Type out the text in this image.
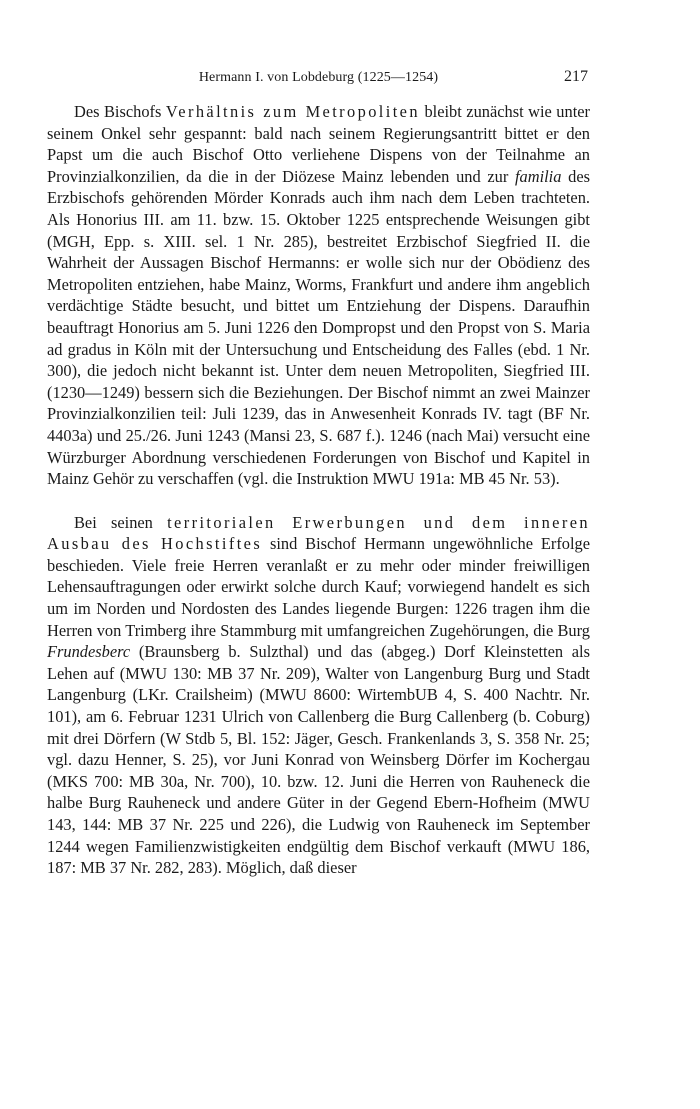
Hermann I. von Lobdeburg (1225—1254)	217

Des Bischofs Verhältnis zum Metropoliten bleibt zunächst wie unter seinem Onkel sehr gespannt: bald nach seinem Regierungsantritt bittet er den Papst um die auch Bischof Otto verliehene Dispens von der Teilnahme an Provinzialkonzilien, da die in der Diözese Mainz lebenden und zur familia des Erzbischofs gehörenden Mörder Konrads auch ihm nach dem Leben trachteten. Als Honorius III. am 11. bzw. 15. Oktober 1225 entsprechende Weisungen gibt (MGH, Epp. s. XIII. sel. 1 Nr. 285), bestreitet Erzbischof Siegfried II. die Wahrheit der Aussagen Bischof Hermanns: er wolle sich nur der Obödienz des Metropoliten entziehen, habe Mainz, Worms, Frankfurt und andere ihm angeblich verdächtige Städte besucht, und bittet um Entziehung der Dispens. Daraufhin beauftragt Honorius am 5. Juni 1226 den Dompropst und den Propst von S. Maria ad gradus in Köln mit der Untersuchung und Entscheidung des Falles (ebd. 1 Nr. 300), die jedoch nicht bekannt ist. Unter dem neuen Metropoliten, Siegfried III. (1230—1249) bessern sich die Beziehungen. Der Bischof nimmt an zwei Mainzer Provinzialkonzilien teil: Juli 1239, das in Anwesenheit Konrads IV. tagt (BF Nr. 4403a) und 25./26. Juni 1243 (Mansi 23, S. 687 f.). 1246 (nach Mai) versucht eine Würzburger Abordnung verschiedenen Forderungen von Bischof und Kapitel in Mainz Gehör zu verschaffen (vgl. die Instruktion MWU 191a: MB 45 Nr. 53).

Bei seinen territorialen Erwerbungen und dem inneren Ausbau des Hochstiftes sind Bischof Hermann ungewöhnliche Erfolge beschieden. Viele freie Herren veranlaßt er zu mehr oder minder freiwilligen Lehensauftragungen oder erwirkt solche durch Kauf; vorwiegend handelt es sich um im Norden und Nordosten des Landes liegende Burgen: 1226 tragen ihm die Herren von Trimberg ihre Stammburg mit umfangreichen Zugehörungen, die Burg Frundesberc (Braunsberg b. Sulzthal) und das (abgeg.) Dorf Kleinstetten als Lehen auf (MWU 130: MB 37 Nr. 209), Walter von Langenburg Burg und Stadt Langenburg (LKr. Crailsheim) (MWU 8600: WirtembUB 4, S. 400 Nachtr. Nr. 101), am 6. Februar 1231 Ulrich von Callenberg die Burg Callenberg (b. Coburg) mit drei Dörfern (W Stdb 5, Bl. 152: Jäger, Gesch. Frankenlands 3, S. 358 Nr. 25; vgl. dazu Henner, S. 25), vor Juni Konrad von Weinsberg Dörfer im Kochergau (MKS 700: MB 30a, Nr. 700), 10. bzw. 12. Juni die Herren von Rauheneck die halbe Burg Rauheneck und andere Güter in der Gegend Ebern-Hofheim (MWU 143, 144: MB 37 Nr. 225 und 226), die Ludwig von Rauheneck im September 1244 wegen Familienzwistigkeiten endgültig dem Bischof verkauft (MWU 186, 187: MB 37 Nr. 282, 283). Möglich, daß dieser
